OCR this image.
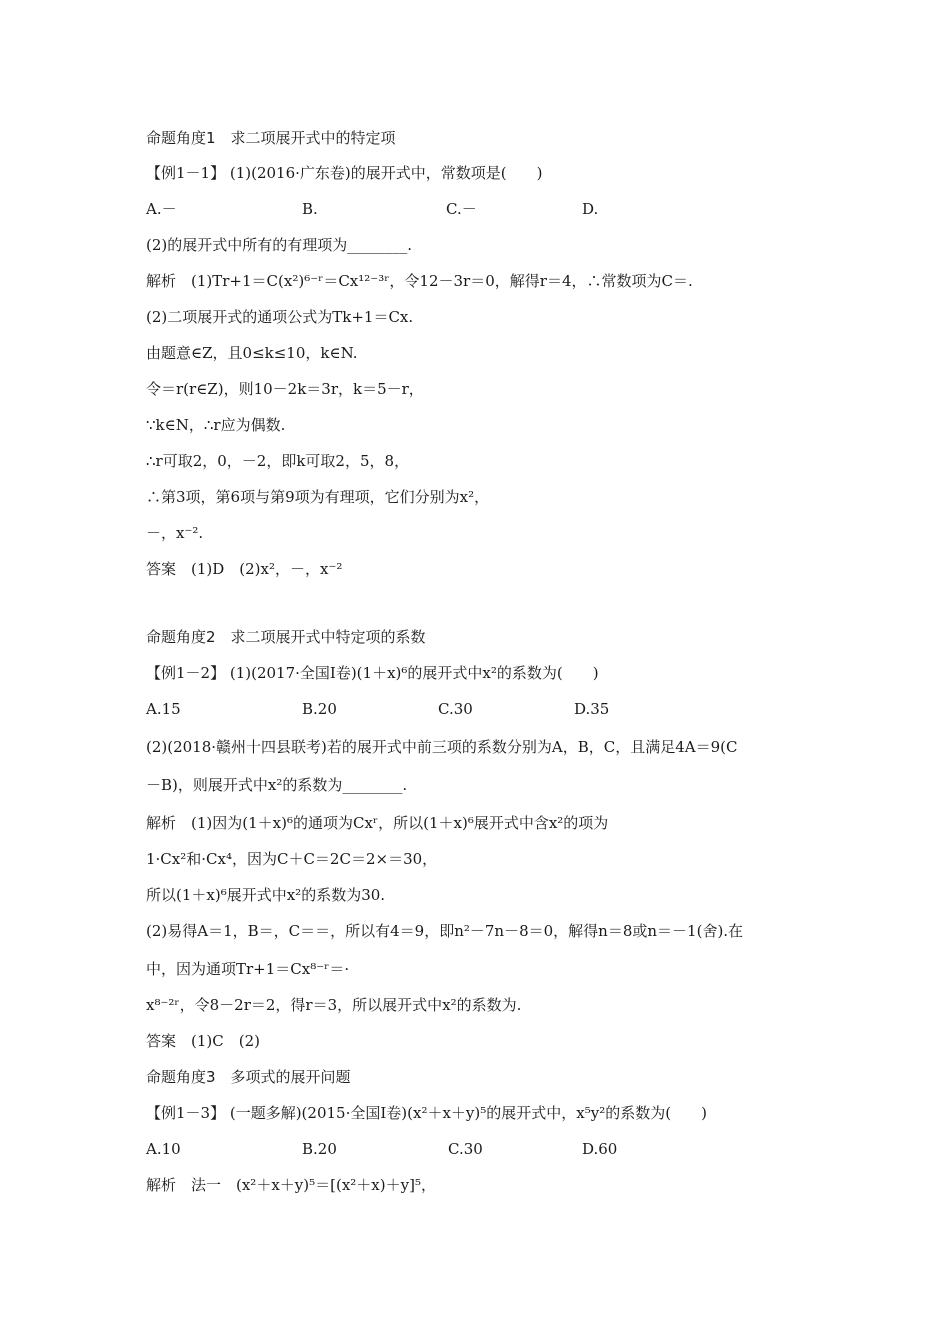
命题角度1　求二项展开式中的特定项
【例1－1】 (1)(2016·广东卷)的展开式中，常数项是(　　)
A.－	B.	C.－	D.
(2)的展开式中所有的有理项为________.
解析　(1)Tr+1＝C(x²)⁶⁻ʳ＝Cx¹²⁻³ʳ，令12－3r＝0，解得r＝4，∴常数项为C＝.
(2)二项展开式的通项公式为Tk+1＝Cx.
由题意∈Z，且0≤k≤10，k∈N.
令＝r(r∈Z)，则10－2k＝3r，k＝5－r，
∵k∈N，∴r应为偶数.
∴r可取2，0，－2，即k可取2，5，8，
∴第3项，第6项与第9项为有理项，它们分别为x²，
－，x⁻².
答案　(1)D　(2)x²，－，x⁻²
命题角度2　求二项展开式中特定项的系数
【例1－2】 (1)(2017·全国Ⅰ卷)(1＋x)⁶的展开式中x²的系数为(　　)
A.15	B.20	C.30	D.35
(2)(2018·赣州十四县联考)若的展开式中前三项的系数分别为A，B，C，且满足4A＝9(C
－B)，则展开式中x²的系数为________.
解析　(1)因为(1＋x)⁶的通项为Cxʳ，所以(1＋x)⁶展开式中含x²的项为
1·Cx²和·Cx⁴，因为C＋C＝2C＝2×＝30，
所以(1＋x)⁶展开式中x²的系数为30.
(2)易得A＝1，B＝，C＝＝，所以有4＝9，即n²－7n－8＝0，解得n＝8或n＝－1(舍).在
中，因为通项Tr+1＝Cx⁸⁻ʳ＝·
x⁸⁻²ʳ，令8－2r＝2，得r＝3，所以展开式中x²的系数为.
答案　(1)C　(2)
命题角度3　多项式的展开问题
【例1－3】 (一题多解)(2015·全国Ⅰ卷)(x²＋x＋y)⁵的展开式中，x⁵y²的系数为(　　)
A.10	B.20	C.30	D.60
解析　法一　(x²＋x＋y)⁵＝[(x²＋x)＋y]⁵，
